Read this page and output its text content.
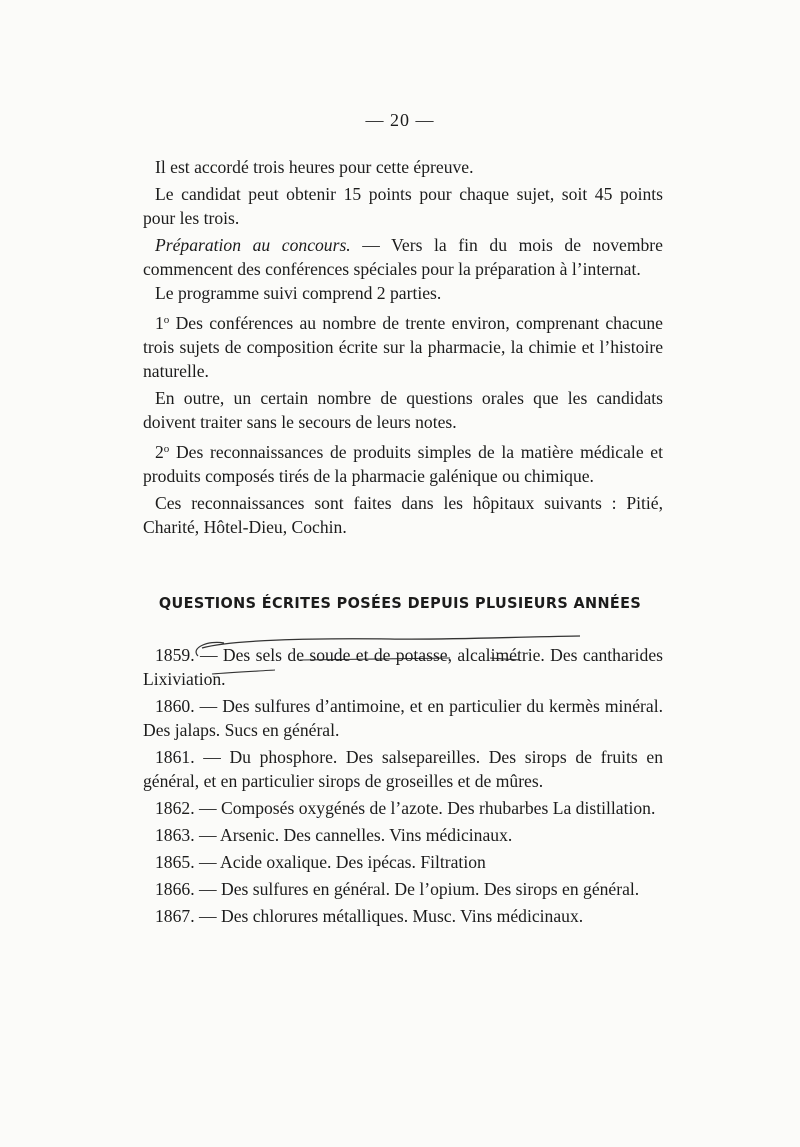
— 20 —

Il est accordé trois heures pour cette épreuve.

Le candidat peut obtenir 15 points pour chaque sujet, soit 45 points pour les trois.

Préparation au concours. — Vers la fin du mois de novembre commencent des conférences spéciales pour la préparation à l’internat.

Le programme suivi comprend 2 parties.

1$^o$ Des conférences au nombre de trente environ, comprenant chacune trois sujets de composition écrite sur la pharmacie, la chimie et l’histoire naturelle.

En outre, un certain nombre de questions orales que les candidats doivent traiter sans le secours de leurs notes.

2$^o$ Des reconnaissances de produits simples de la matière médicale et produits composés tirés de la pharmacie galénique ou chimique.

Ces reconnaissances sont faites dans les hôpitaux suivants : Pitié, Charité, Hôtel-Dieu, Cochin.

QUESTIONS ÉCRITES POSÉES DEPUIS PLUSIEURS ANNÉES

1859. — Des sels de soude et de potasse, alcalimétrie. Des cantharides Lixiviation.

1860. — Des sulfures d’antimoine, et en particulier du kermès minéral. Des jalaps. Sucs en général.

1861. — Du phosphore. Des salsepareilles. Des sirops de fruits en général, et en particulier sirops de groseilles et de mûres.

1862. — Composés oxygénés de l’azote. Des rhubarbes La distillation.

1863. — Arsenic. Des cannelles. Vins médicinaux.

1865. — Acide oxalique. Des ipécas. Filtration

1866. — Des sulfures en général. De l’opium. Des sirops en général.

1867. — Des chlorures métalliques. Musc. Vins médicinaux.
